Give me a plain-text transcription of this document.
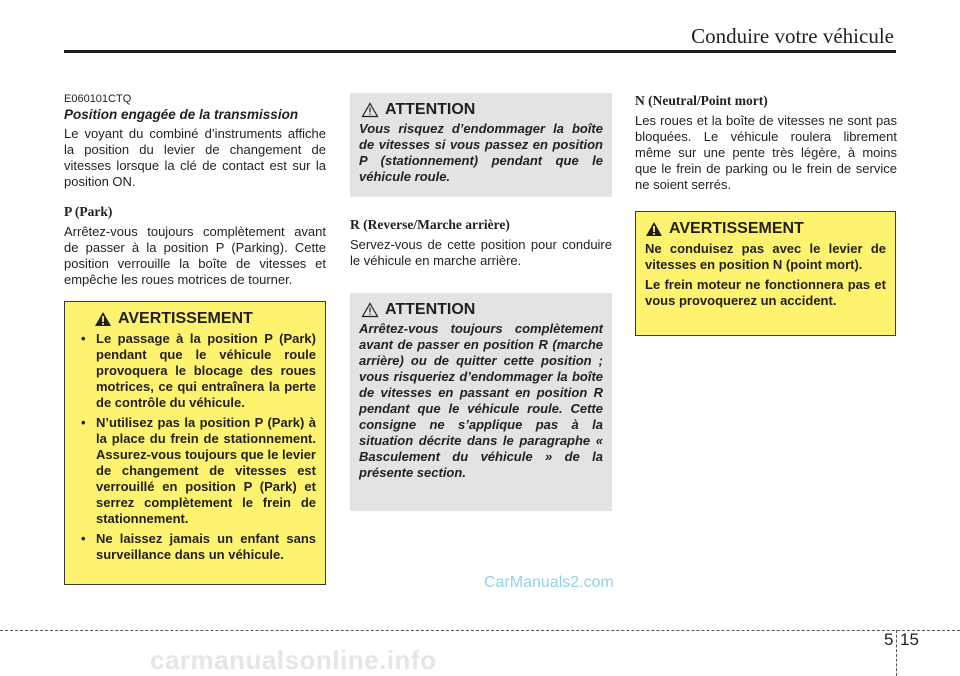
Conduire votre véhicule

E060101CTQ

Position engagée de la transmission

Le voyant du combiné d’instruments affiche la position du levier de changement de vitesses lorsque la clé de contact est sur la position ON.

P (Park)

Arrêtez-vous toujours complètement avant de passer à la position P (Parking). Cette position verrouille la boîte de vitesses et empêche les roues motrices de tourner.

AVERTISSEMENT
• Le passage à la position P (Park) pendant que le véhicule roule provoquera le blocage des roues motrices, ce qui entraînera la perte de contrôle du véhicule.
• N’utilisez pas la position P (Park) à la place du frein de stationnement. Assurez-vous toujours que le levier de changement de vitesses est verrouillé en position P (Park) et serrez complètement le frein de stationnement.
• Ne laissez jamais un enfant sans surveillance dans un véhicule.
ATTENTION

Vous risquez d’endommager la boîte de vitesses si vous passez en position P (stationnement) pendant que le véhicule roule.

R (Reverse/Marche arrière)

Servez-vous de cette position pour conduire le véhicule en marche arrière.

ATTENTION

Arrêtez-vous toujours complètement avant de passer en position R (marche arrière) ou de quitter cette position ; vous risqueriez d’endommager la boîte de vitesses en passant en position R pendant que le véhicule roule. Cette consigne ne s’applique pas à la situation décrite dans le paragraphe « Basculement du véhicule » de la présente section.

N (Neutral/Point mort)

Les roues et la boîte de vitesses ne sont pas bloquées. Le véhicule roulera librement même sur une pente très légère, à moins que le frein de parking ou le frein de service ne soient serrés.

AVERTISSEMENT

Ne conduisez pas avec le levier de vitesses en position N (point mort).

Le frein moteur ne fonctionnera pas et vous provoquerez un accident.

CarManuals2.com
5 15
carmanualsonline.info
